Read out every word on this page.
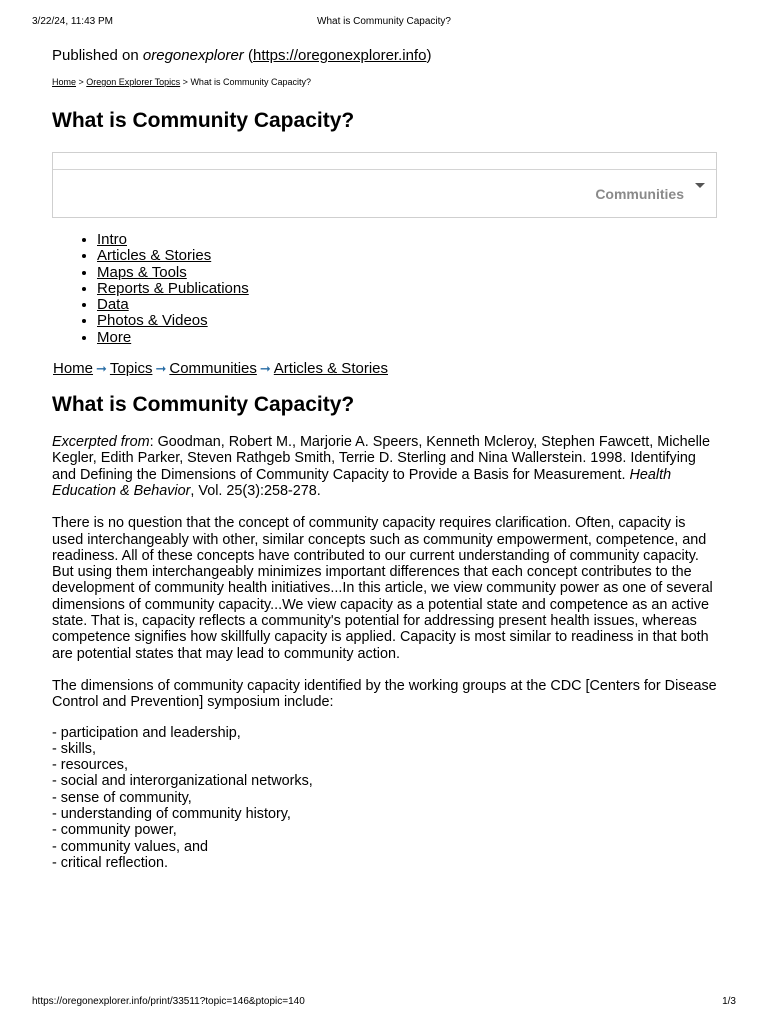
3/22/24, 11:43 PM	What is Community Capacity?

Published on oregonexplorer (https://oregonexplorer.info)

Home > Oregon Explorer Topics > What is Community Capacity?
What is Community Capacity?
Communities
• Intro
• Articles & Stories
• Maps & Tools
• Reports & Publications
• Data
• Photos & Videos
• More
Home ➞ Topics ➞ Communities ➞ Articles & Stories
What is Community Capacity?

Excerpted from: Goodman, Robert M., Marjorie A. Speers, Kenneth Mcleroy, Stephen Fawcett, Michelle Kegler, Edith Parker, Steven Rathgeb Smith, Terrie D. Sterling and Nina Wallerstein. 1998. Identifying and Defining the Dimensions of Community Capacity to Provide a Basis for Measurement. Health Education & Behavior, Vol. 25(3):258-278.

There is no question that the concept of community capacity requires clarification. Often, capacity is used interchangeably with other, similar concepts such as community empowerment, competence, and readiness. All of these concepts have contributed to our current understanding of community capacity. But using them interchangeably minimizes important differences that each concept contributes to the development of community health initiatives...In this article, we view community power as one of several dimensions of community capacity...We view capacity as a potential state and competence as an active state. That is, capacity reflects a community's potential for addressing present health issues, whereas competence signifies how skillfully capacity is applied. Capacity is most similar to readiness in that both are potential states that may lead to community action.

The dimensions of community capacity identified by the working groups at the CDC [Centers for Disease Control and Prevention] symposium include:

- participation and leadership,
- skills,
- resources,
- social and interorganizational networks,
- sense of community,
- understanding of community history,
- community power,
- community values, and
- critical reflection.
https://oregonexplorer.info/print/33511?topic=146&ptopic=140	1/3
